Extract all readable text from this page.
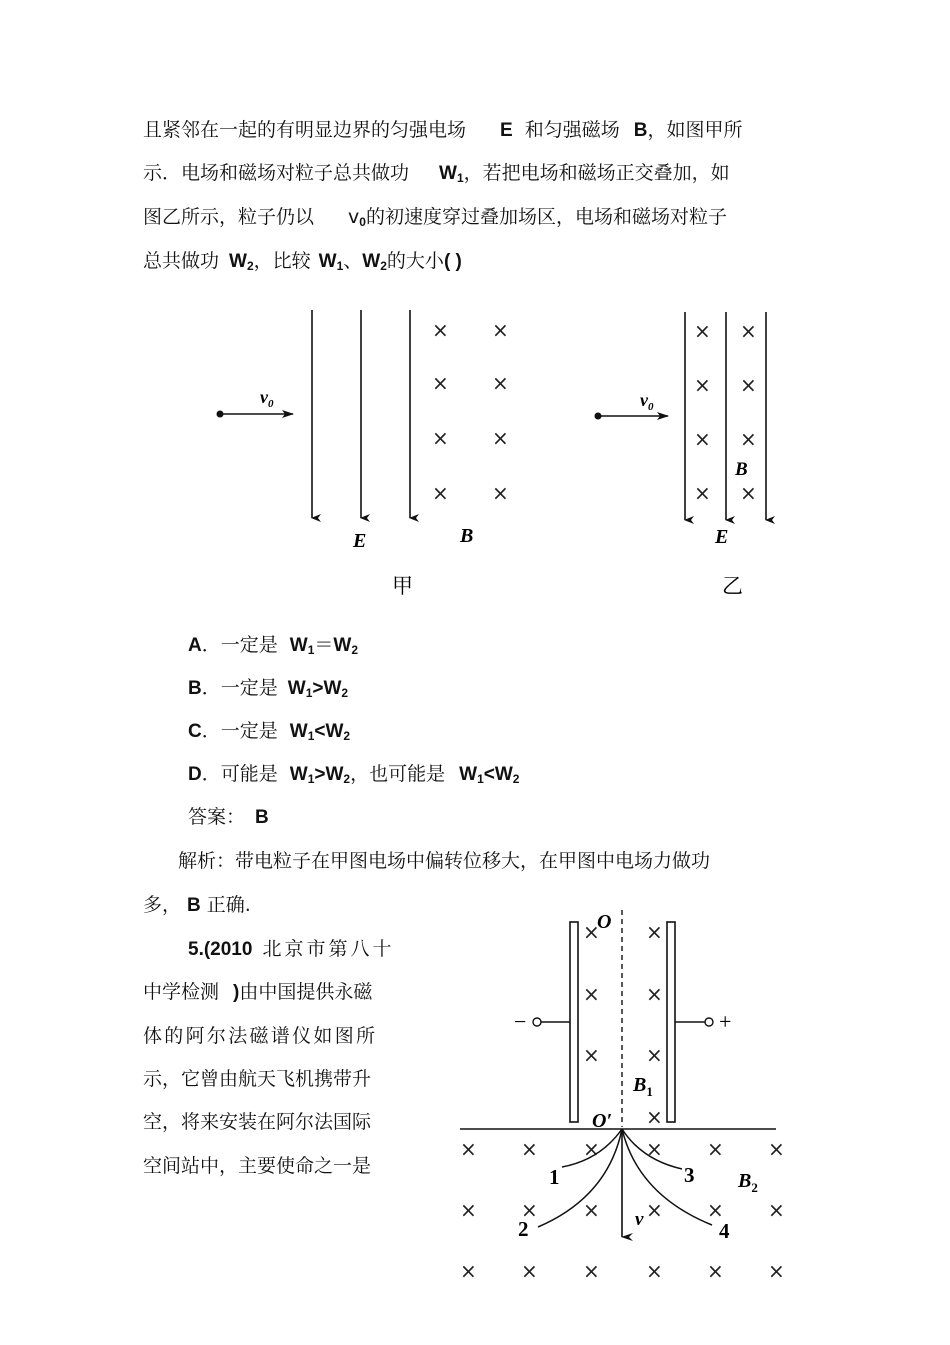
且紧邻在一起的有明显边界的匀强电场 E 和匀强磁场 B，如图甲所
示．电场和磁场对粒子总共做功 $W_1$，若把电场和磁场正交叠加，如
图乙所示，粒子仍以 $v_0$的初速度穿过叠加场区，电场和磁场对粒子
总共做功 $W_2$，比较 $W_1$、$W_2$的大小( )
$v_0$
E
× ×
× ×
× ×
× ×
B
甲
$v_0$
× ×
× ×
× ×
× ×
B
E
乙
A．一定是 $W_1=W_2$
B．一定是 $W_1>W_2$
C．一定是 $W_1<W_2$
D．可能是 $W_1>W_2$，也可能是 $W_1<W_2$
答案： B
解析：带电粒子在甲图电场中偏转位移大，在甲图中电场力做功
多， B 正确.
5.(2010 北京市第八十
中学检测 )由中国提供永磁
体的阿尔法磁谱仪如图所
示，它曾由航天飞机携带升
空，将来安装在阿尔法国际
空间站中，主要使命之一是
O
O′
−	+
× ×
× ×
× ×
×
$B_1$
× × × × × ×
× × × × × ×
× × × × × ×
$B_2$
v
1
2
3
4
